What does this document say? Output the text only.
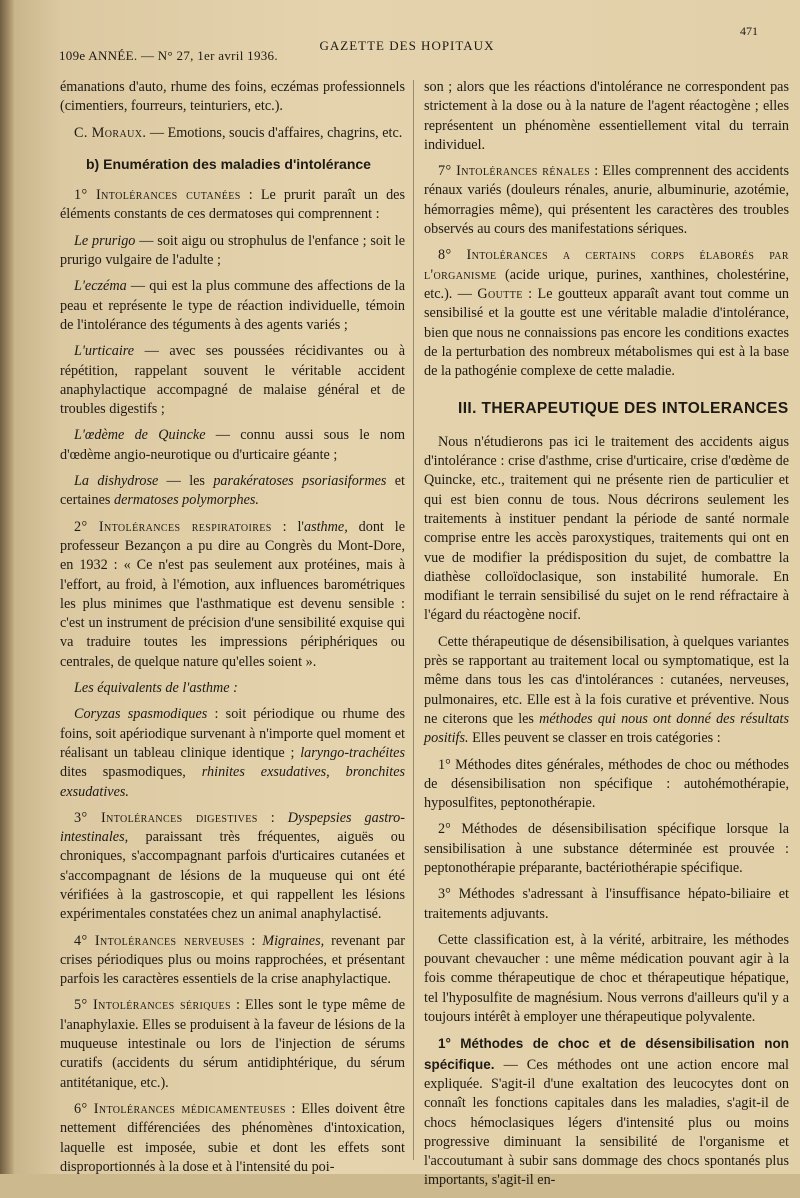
109e ANNÉE. — N° 27, 1er avril 1936.
GAZETTE DES HOPITAUX
471

émanations d'auto, rhume des foins, eczémas professionnels (cimentiers, fourreurs, teinturiers, etc.).

C. Moraux. — Emotions, soucis d'affaires, chagrins, etc.

b) Enumération des maladies d'intolérance

1° Intolérances cutanées : Le prurit paraît un des éléments constants de ces dermatoses qui comprennent :

Le prurigo — soit aigu ou strophulus de l'enfance ; soit le prurigo vulgaire de l'adulte ;

L'eczéma — qui est la plus commune des affections de la peau et représente le type de réaction individuelle, témoin de l'intolérance des téguments à des agents variés ;

L'urticaire — avec ses poussées récidivantes ou à répétition, rappelant souvent le véritable accident anaphylactique accompagné de malaise général et de troubles digestifs ;

L'œdème de Quincke — connu aussi sous le nom d'œdème angio-neurotique ou d'urticaire géante ;

La dishydrose — les parakératoses psoriasiformes et certaines dermatoses polymorphes.

2° Intolérances respiratoires : l'asthme, dont le professeur Bezançon a pu dire au Congrès du Mont-Dore, en 1932 : « Ce n'est pas seulement aux protéines, mais à l'effort, au froid, à l'émotion, aux influences barométriques les plus minimes que l'asthmatique est devenu sensible : c'est un instrument de précision d'une sensibilité exquise qui va traduire toutes les impressions périphériques ou centrales, de quelque nature qu'elles soient ».

Les équivalents de l'asthme :

Coryzas spasmodiques : soit périodique ou rhume des foins, soit apériodique survenant à n'importe quel moment et réalisant un tableau clinique identique ; laryngo-trachéites dites spasmodiques, rhinites exsudatives, bronchites exsudatives.

3° Intolérances digestives : Dyspepsies gastro-intestinales, paraissant très fréquentes, aiguës ou chroniques, s'accompagnant parfois d'urticaires cutanées et s'accompagnant de lésions de la muqueuse qui ont été vérifiées à la gastroscopie, et qui rappellent les lésions expérimentales constatées chez un animal anaphylactisé.

4° Intolérances nerveuses : Migraines, revenant par crises périodiques plus ou moins rapprochées, et présentant parfois les caractères essentiels de la crise anaphylactique.

5° Intolérances sériques : Elles sont le type même de l'anaphylaxie. Elles se produisent à la faveur de lésions de la muqueuse intestinale ou lors de l'injection de sérums curatifs (accidents du sérum antidiphtérique, du sérum antitétanique, etc.).

6° Intolérances médicamenteuses : Elles doivent être nettement différenciées des phénomènes d'intoxication, laquelle est imposée, subie et dont les effets sont disproportionnés à la dose et à l'intensité du poi-

son ; alors que les réactions d'intolérance ne correspondent pas strictement à la dose ou à la nature de l'agent réactogène ; elles représentent un phénomène essentiellement vital du terrain individuel.

7° Intolérances rénales : Elles comprennent des accidents rénaux variés (douleurs rénales, anurie, albuminurie, azotémie, hémorragies même), qui présentent les caractères des troubles observés au cours des manifestations sériques.

8° Intolérances a certains corps élaborés par l'organisme (acide urique, purines, xanthines, cholestérine, etc.). — Goutte : Le goutteux apparaît avant tout comme un sensibilisé et la goutte est une véritable maladie d'intolérance, bien que nous ne connaissions pas encore les conditions exactes de la perturbation des nombreux métabolismes qui est à la base de la pathogénie complexe de cette maladie.

III. THERAPEUTIQUE DES INTOLERANCES

Nous n'étudierons pas ici le traitement des accidents aigus d'intolérance : crise d'asthme, crise d'urticaire, crise d'œdème de Quincke, etc., traitement qui ne présente rien de particulier et qui est bien connu de tous. Nous décrirons seulement les traitements à instituer pendant la période de santé normale comprise entre les accès paroxystiques, traitements qui ont en vue de modifier la prédisposition du sujet, de combattre la diathèse colloïdoclasique, son instabilité humorale. En modifiant le terrain sensibilisé du sujet on le rend réfractaire à l'égard du réactogène nocif.

Cette thérapeutique de désensibilisation, à quelques variantes près se rapportant au traitement local ou symptomatique, est la même dans tous les cas d'intolérances : cutanées, nerveuses, pulmonaires, etc. Elle est à la fois curative et préventive. Nous ne citerons que les méthodes qui nous ont donné des résultats positifs. Elles peuvent se classer en trois catégories :

1° Méthodes dites générales, méthodes de choc ou méthodes de désensibilisation non spécifique : autohémothérapie, hyposulfites, peptonothérapie.

2° Méthodes de désensibilisation spécifique lorsque la sensibilisation à une substance déterminée est prouvée : peptonothérapie préparante, bactériothérapie spécifique.

3° Méthodes s'adressant à l'insuffisance hépato-biliaire et traitements adjuvants.

Cette classification est, à la vérité, arbitraire, les méthodes pouvant chevaucher : une même médication pouvant agir à la fois comme thérapeutique de choc et thérapeutique hépatique, tel l'hyposulfite de magnésium. Nous verrons d'ailleurs qu'il y a toujours intérêt à employer une thérapeutique polyvalente.

1° Méthodes de choc et de désensibilisation non spécifique. — Ces méthodes ont une action encore mal expliquée. S'agit-il d'une exaltation des leucocytes dont on connaît les fonctions capitales dans les maladies, s'agit-il de chocs hémoclasiques légers d'intensité plus ou moins progressive diminuant la sensibilité de l'organisme et l'accoutumant à subir sans dommage des chocs spontanés plus importants, s'agit-il en-
